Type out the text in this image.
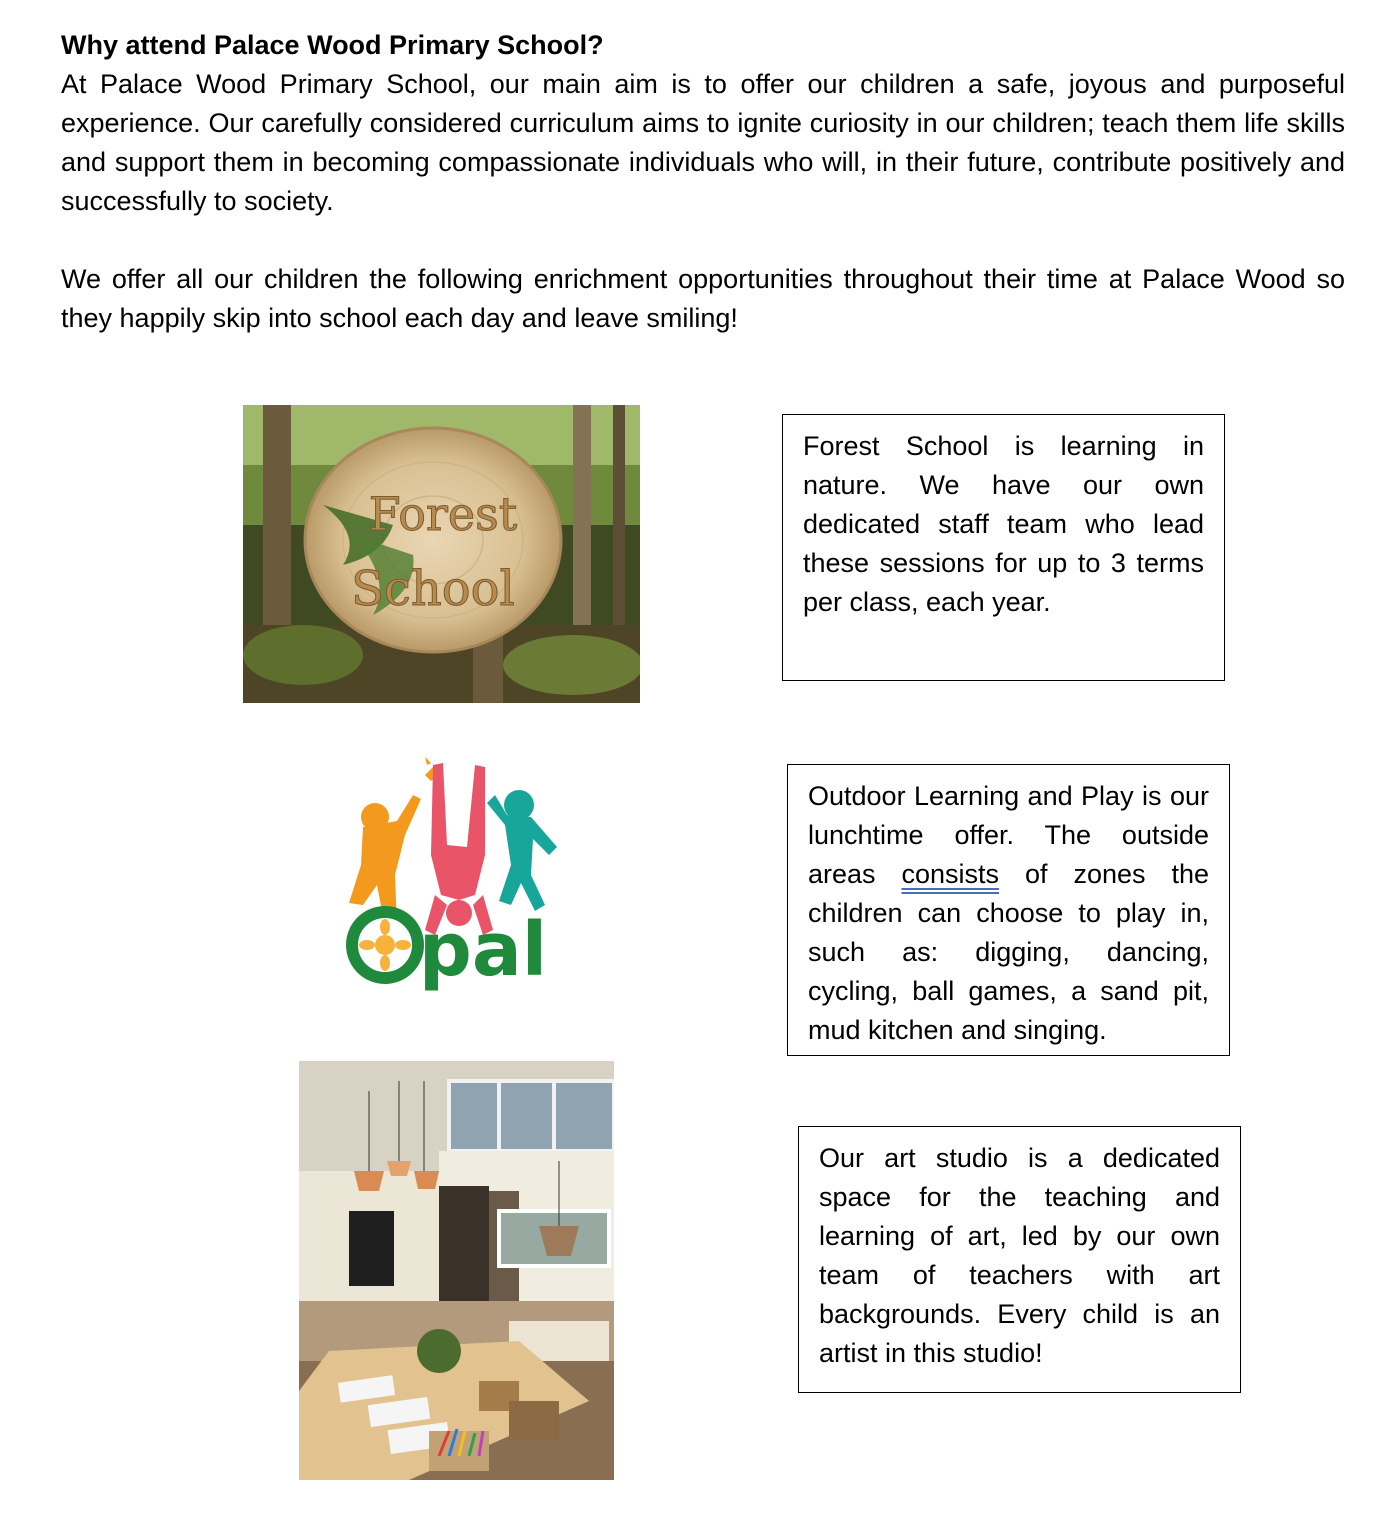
Why attend Palace Wood Primary School?
At Palace Wood Primary School, our main aim is to offer our children a safe, joyous and purposeful experience. Our carefully considered curriculum aims to ignite curiosity in our children; teach them life skills and support them in becoming compassionate individuals who will, in their future, contribute positively and successfully to society.
We offer all our children the following enrichment opportunities throughout their time at Palace Wood so they happily skip into school each day and leave smiling!
Forest
School
Forest School is learning in nature. We have our own dedicated staff team who lead these sessions for up to 3 terms per class, each year.
pal
Opal
Outdoor Learning and Play is our lunchtime offer. The outside areas consists of zones the children can choose to play in, such as: digging, dancing, cycling, ball games, a sand pit, mud kitchen and singing.
Our art studio is a dedicated space for the teaching and learning of art, led by our own team of teachers with art backgrounds. Every child is an artist in this studio!
